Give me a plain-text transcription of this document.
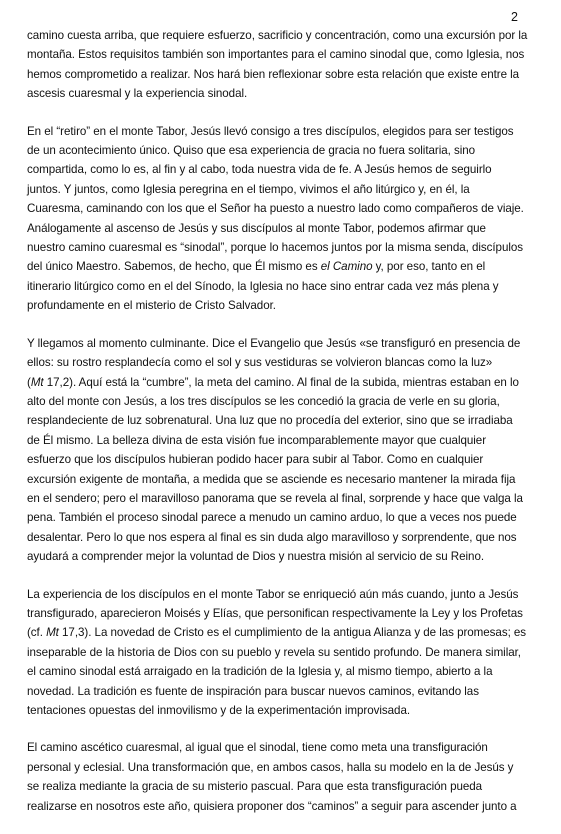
2

camino cuesta arriba, que requiere esfuerzo, sacrificio y concentración, como una excursión por la
montaña. Estos requisitos también son importantes para el camino sinodal que, como Iglesia, nos
hemos comprometido a realizar. Nos hará bien reflexionar sobre esta relación que existe entre la
ascesis cuaresmal y la experiencia sinodal.

En el “retiro” en el monte Tabor, Jesús llevó consigo a tres discípulos, elegidos para ser testigos
de un acontecimiento único. Quiso que esa experiencia de gracia no fuera solitaria, sino
compartida, como lo es, al fin y al cabo, toda nuestra vida de fe. A Jesús hemos de seguirlo
juntos. Y juntos, como Iglesia peregrina en el tiempo, vivimos el año litúrgico y, en él, la
Cuaresma, caminando con los que el Señor ha puesto a nuestro lado como compañeros de viaje.
Análogamente al ascenso de Jesús y sus discípulos al monte Tabor, podemos afirmar que
nuestro camino cuaresmal es “sinodal”, porque lo hacemos juntos por la misma senda, discípulos
del único Maestro. Sabemos, de hecho, que Él mismo es el Camino y, por eso, tanto en el
itinerario litúrgico como en el del Sínodo, la Iglesia no hace sino entrar cada vez más plena y
profundamente en el misterio de Cristo Salvador.

Y llegamos al momento culminante. Dice el Evangelio que Jesús «se transfiguró en presencia de
ellos: su rostro resplandecía como el sol y sus vestiduras se volvieron blancas como la luz»
(Mt 17,2). Aquí está la “cumbre”, la meta del camino. Al final de la subida, mientras estaban en lo
alto del monte con Jesús, a los tres discípulos se les concedió la gracia de verle en su gloria,
resplandeciente de luz sobrenatural. Una luz que no procedía del exterior, sino que se irradiaba
de Él mismo. La belleza divina de esta visión fue incomparablemente mayor que cualquier
esfuerzo que los discípulos hubieran podido hacer para subir al Tabor. Como en cualquier
excursión exigente de montaña, a medida que se asciende es necesario mantener la mirada fija
en el sendero; pero el maravilloso panorama que se revela al final, sorprende y hace que valga la
pena. También el proceso sinodal parece a menudo un camino arduo, lo que a veces nos puede
desalentar. Pero lo que nos espera al final es sin duda algo maravilloso y sorprendente, que nos
ayudará a comprender mejor la voluntad de Dios y nuestra misión al servicio de su Reino.

La experiencia de los discípulos en el monte Tabor se enriqueció aún más cuando, junto a Jesús
transfigurado, aparecieron Moisés y Elías, que personifican respectivamente la Ley y los Profetas
(cf. Mt 17,3). La novedad de Cristo es el cumplimiento de la antigua Alianza y de las promesas; es
inseparable de la historia de Dios con su pueblo y revela su sentido profundo. De manera similar,
el camino sinodal está arraigado en la tradición de la Iglesia y, al mismo tiempo, abierto a la
novedad. La tradición es fuente de inspiración para buscar nuevos caminos, evitando las
tentaciones opuestas del inmovilismo y de la experimentación improvisada.

El camino ascético cuaresmal, al igual que el sinodal, tiene como meta una transfiguración
personal y eclesial. Una transformación que, en ambos casos, halla su modelo en la de Jesús y
se realiza mediante la gracia de su misterio pascual. Para que esta transfiguración pueda
realizarse en nosotros este año, quisiera proponer dos “caminos” a seguir para ascender junto a
